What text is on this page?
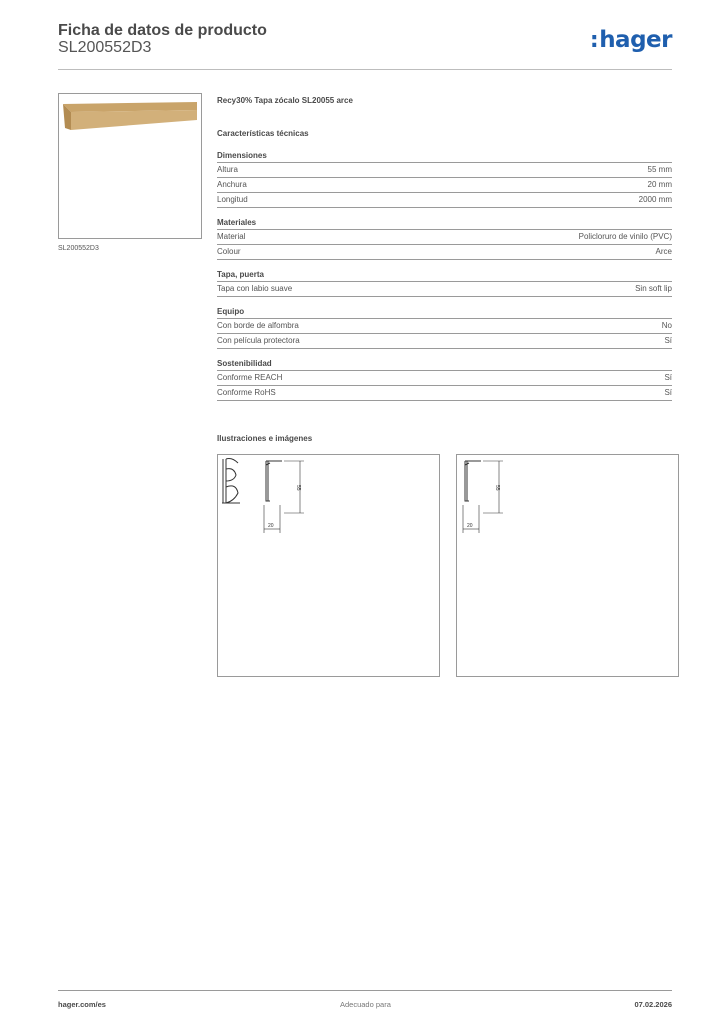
Ficha de datos de producto
SL200552D3	:hager
SL200552D3
Recy30% Tapa zócalo SL20055 arce
Características técnicas
Dimensiones
Altura	55 mm
Anchura	20 mm
Longitud	2000 mm
Materiales
Material	Policloruro de vinilo (PVC)
Colour	Arce
Tapa, puerta
Tapa con labio suave	Sin soft lip
Equipo
Con borde de alfombra	No
Con película protectora	Sí
Sostenibilidad
Conforme REACH	Sí
Conforme RoHS	Sí
Ilustraciones e imágenes
55
20
55
20
hager.com/es	Adecuado para	07.02.2026
